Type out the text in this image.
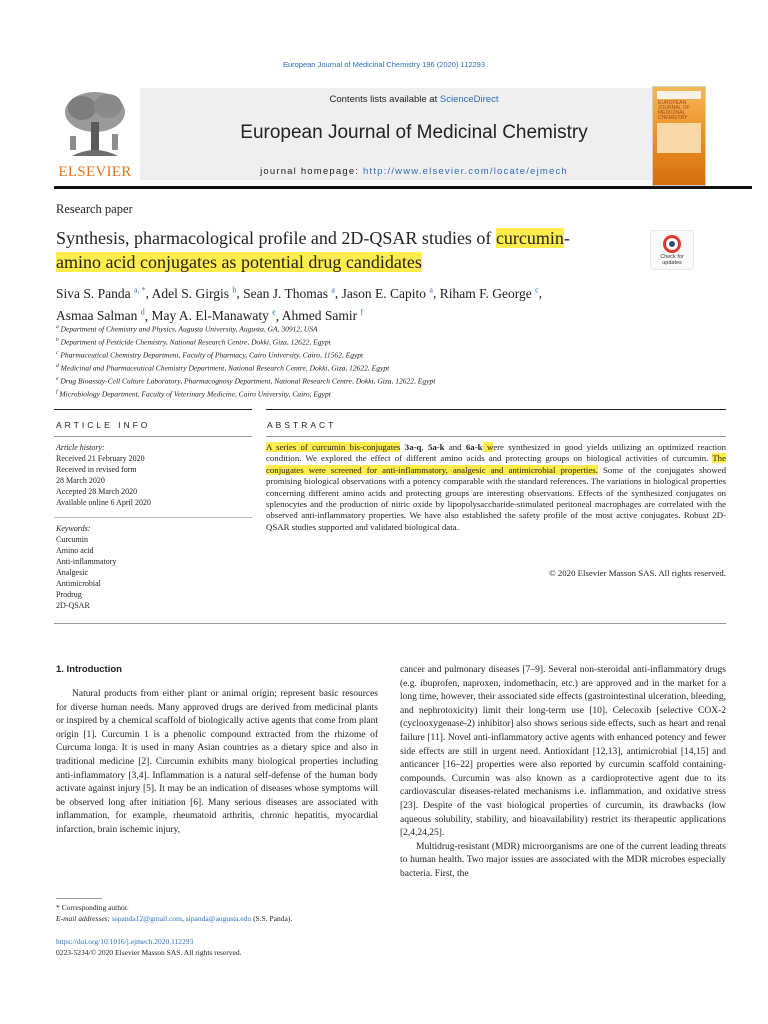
European Journal of Medicinal Chemistry 196 (2020) 112293
ELSEVIER
Contents lists available at ScienceDirect
European Journal of Medicinal Chemistry
journal homepage: http://www.elsevier.com/locate/ejmech
EUROPEAN JOURNAL OF MEDICINAL CHEMISTRY
Research paper
Synthesis, pharmacological profile and 2D-QSAR studies of curcumin-
amino acid conjugates as potential drug candidates	Check for updates
Siva S. Panda $^{a, *}$, Adel S. Girgis $^b$, Sean J. Thomas $^a$, Jason E. Capito $^a$, Riham F. George $^c$,
Asmaa Salman $^d$, May A. El-Manawaty $^e$, Ahmed Samir $^f$
$^a$ Department of Chemistry and Physics, Augusta University, Augusta, GA, 30912, USA
$^b$ Department of Pesticide Chemistry, National Research Centre, Dokki, Giza, 12622, Egypt
$^c$ Pharmaceutical Chemistry Department, Faculty of Pharmacy, Cairo University, Cairo, 11562, Egypt
$^d$ Medicinal and Pharmaceutical Chemistry Department, National Research Centre, Dokki, Giza, 12622, Egypt
$^e$ Drug Bioassay-Cell Culture Laboratory, Pharmacognosy Department, National Research Centre, Dokki, Giza, 12622, Egypt
$^f$ Microbiology Department, Faculty of Veterinary Medicine, Cairo University, Cairo, Egypt
ARTICLE INFO	ABSTRACT
Article history:
Received 21 February 2020
Received in revised form
28 March 2020
Accepted 28 March 2020
Available online 6 April 2020
Keywords:
Curcumin
Amino acid
Anti-inflammatory
Analgesic
Antimicrobial
Prodrug
2D-QSAR
A series of curcumin bis-conjugates 3a-q, 5a-k and 6a-k were synthesized in good yields utilizing an optimized reaction condition. We explored the effect of different amino acids and protecting groups on biological activities of curcumin. The conjugates were screened for anti-inflammatory, analgesic and antimicrobial properties. Some of the conjugates showed promising biological observations with a potency comparable with the standard references. The variations in biological properties concerning different amino acids and protecting groups are interesting observations. Effects of the synthesized conjugates on splenocytes and the production of nitric oxide by lipopolysaccharide-stimulated peritoneal macrophages are correlated with the observed anti-inflammatory properties. We have also established the safety profile of the most active conjugates. Robust 2D-QSAR studies supported and validated biological data.
© 2020 Elsevier Masson SAS. All rights reserved.
1. Introduction

Natural products from either plant or animal origin; represent basic resources for diverse human needs. Many approved drugs are derived from medicinal plants or inspired by a chemical scaffold of biologically active agents that come from plant origin [1]. Curcumin 1 is a phenolic compound extracted from the rhizome of Curcuma longa. It is used in many Asian countries as a dietary spice and also in traditional medicine [2]. Curcumin exhibits many biological properties including anti-inflammatory [3,4]. Inflammation is a natural self-defense of the human body activate against injury [5]. It may be an indication of diseases whose symptoms will be observed long after initiation [6]. Many serious diseases are associated with inflammation, for example, rheumatoid arthritis, chronic hepatitis, myocardial infarction, brain ischemic injury,

cancer and pulmonary diseases [7–9]. Several non-steroidal anti-inflammatory drugs (e.g. ibuprofen, naproxen, indomethacin, etc.) are approved and in the market for a long time, however, their associated side effects (gastrointestinal ulceration, bleeding, and nephrotoxicity) limit their long-term use [10]. Celecoxib [selective COX-2 (cyclooxygenase-2) inhibitor] also shows serious side effects, such as heart and renal failure [11]. Novel anti-inflammatory active agents with enhanced potency and fewer side effects are still in urgent need. Antioxidant [12,13], antimicrobial [14,15] and anticancer [16–22] properties were also reported by curcumin scaffold containing-compounds. Curcumin was also known as a cardioprotective agent due to its cardiovascular diseases-related mechanisms i.e. inflammation, and oxidative stress [23]. Despite of the vast biological properties of curcumin, its drawbacks (low aqueous solubility, stability, and bioavailability) restrict its therapeutic applications [2,4,24,25].

Multidrug-resistant (MDR) microorganisms are one of the current leading threats to human health. Two major issues are associated with the MDR microbes especially bacteria. First, the

* Corresponding author.
E-mail addresses: sspanda12@gmail.com, sipanda@augusta.edu (S.S. Panda).
https://doi.org/10.1016/j.ejmech.2020.112293
0223-5234/© 2020 Elsevier Masson SAS. All rights reserved.
